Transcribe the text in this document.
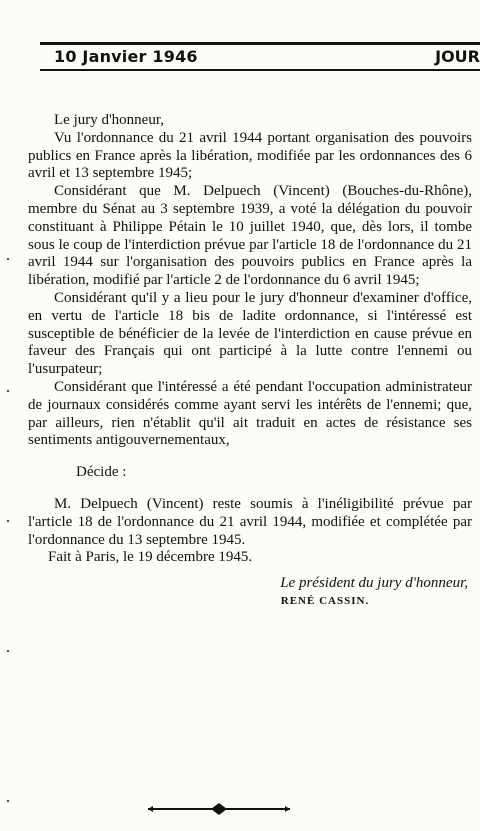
10 Janvier 1946	JOUR

Le jury d'honneur,

Vu l'ordonnance du 21 avril 1944 portant organisation des pouvoirs publics en France après la libération, modifiée par les ordonnances des 6 avril et 13 septembre 1945;

Considérant que M. Delpuech (Vincent) (Bouches-du-Rhône), membre du Sénat au 3 septembre 1939, a voté la délégation du pouvoir constituant à Philippe Pétain le 10 juillet 1940, que, dès lors, il tombe sous le coup de l'interdiction prévue par l'article 18 de l'ordonnance du 21 avril 1944 sur l'organisation des pouvoirs publics en France après la libération, modifié par l'article 2 de l'ordonnance du 6 avril 1945;

Considérant qu'il y a lieu pour le jury d'honneur d'examiner d'office, en vertu de l'article 18 bis de ladite ordonnance, si l'intéressé est susceptible de bénéficier de la levée de l'interdiction en cause prévue en faveur des Français qui ont participé à la lutte contre l'ennemi ou l'usurpateur;

Considérant que l'intéressé a été pendant l'occupation administrateur de journaux considérés comme ayant servi les intérêts de l'ennemi; que, par ailleurs, rien n'établit qu'il ait traduit en actes de résistance ses sentiments antigouvernementaux,

Décide :

M. Delpuech (Vincent) reste soumis à l'inéligibilité prévue par l'article 18 de l'ordonnance du 21 avril 1944, modifiée et complétée par l'ordonnance du 13 septembre 1945.

Fait à Paris, le 19 décembre 1945.

Le président du jury d'honneur,

RENÉ CASSIN.
